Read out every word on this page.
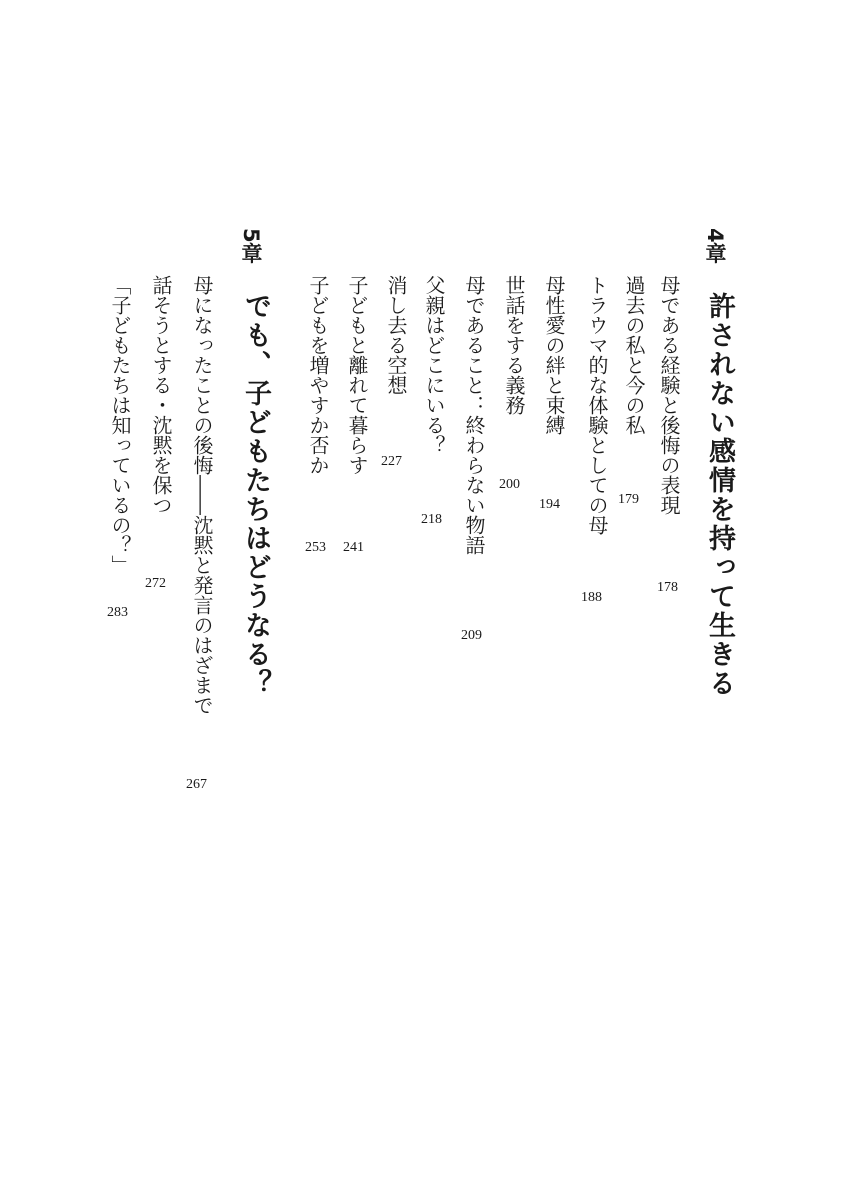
4章
許されない感情を持って生きる
母である経験と後悔の表現
178
過去の私と今の私
179
トラウマ的な体験としての母
188
母性愛の絆と束縛
194
世話をする義務
200
母であること：終わらない物語
209
父親はどこにいる？
218
消し去る空想
227
子どもと離れて暮らす
241
子どもを増やすか否か
253
5章
でも、子どもたちはどうなる？
母になったことの後悔――沈黙と発言のはざまで
267
話そうとする・沈黙を保つ
272
「子どもたちは知っているの？」
283
